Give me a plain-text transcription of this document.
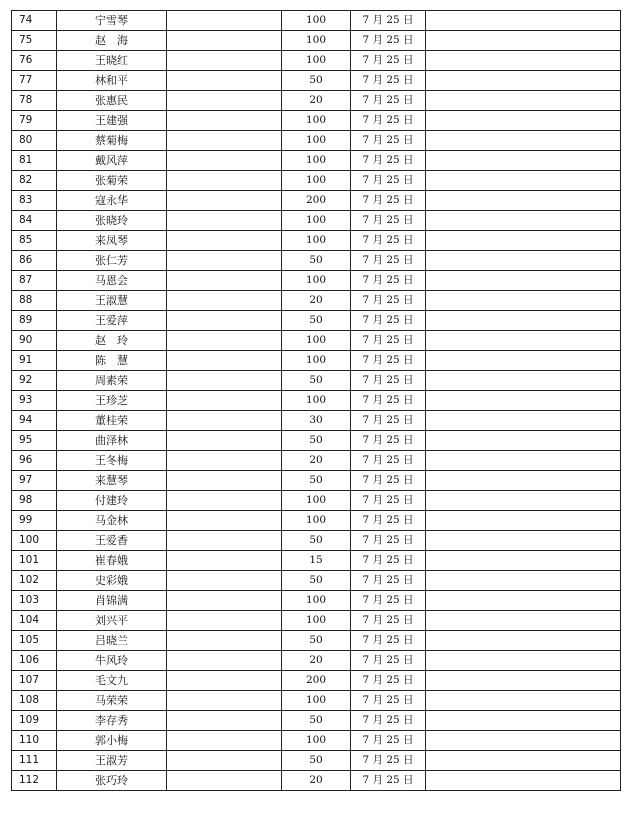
74	宁雪琴		100	7 月 25 日	
75	赵　海		100	7 月 25 日	
76	王晓红		100	7 月 25 日	
77	林和平		50	7 月 25 日	
78	张惠民		20	7 月 25 日	
79	王建强		100	7 月 25 日	
80	蔡菊梅		100	7 月 25 日	
81	戴风萍		100	7 月 25 日	
82	张菊荣		100	7 月 25 日	
83	寇永华		200	7 月 25 日	
84	张晓玲		100	7 月 25 日	
85	来凤琴		100	7 月 25 日	
86	张仁芳		50	7 月 25 日	
87	马恩会		100	7 月 25 日	
88	王淑慧		20	7 月 25 日	
89	王爱萍		50	7 月 25 日	
90	赵　玲		100	7 月 25 日	
91	陈　慧		100	7 月 25 日	
92	周素荣		50	7 月 25 日	
93	王珍芝		100	7 月 25 日	
94	董桂荣		30	7 月 25 日	
95	曲泽林		50	7 月 25 日	
96	王冬梅		20	7 月 25 日	
97	来慧琴		50	7 月 25 日	
98	付建玲		100	7 月 25 日	
99	马金林		100	7 月 25 日	
100	王爱香		50	7 月 25 日	
101	崔春娥		15	7 月 25 日	
102	史彩娥		50	7 月 25 日	
103	肖锦满		100	7 月 25 日	
104	刘兴平		100	7 月 25 日	
105	吕晓兰		50	7 月 25 日	
106	牛风玲		20	7 月 25 日	
107	毛文九		200	7 月 25 日	
108	马荣荣		100	7 月 25 日	
109	李存秀		50	7 月 25 日	
110	郭小梅		100	7 月 25 日	
111	王淑芳		50	7 月 25 日	
112	张巧玲		20	7 月 25 日	
